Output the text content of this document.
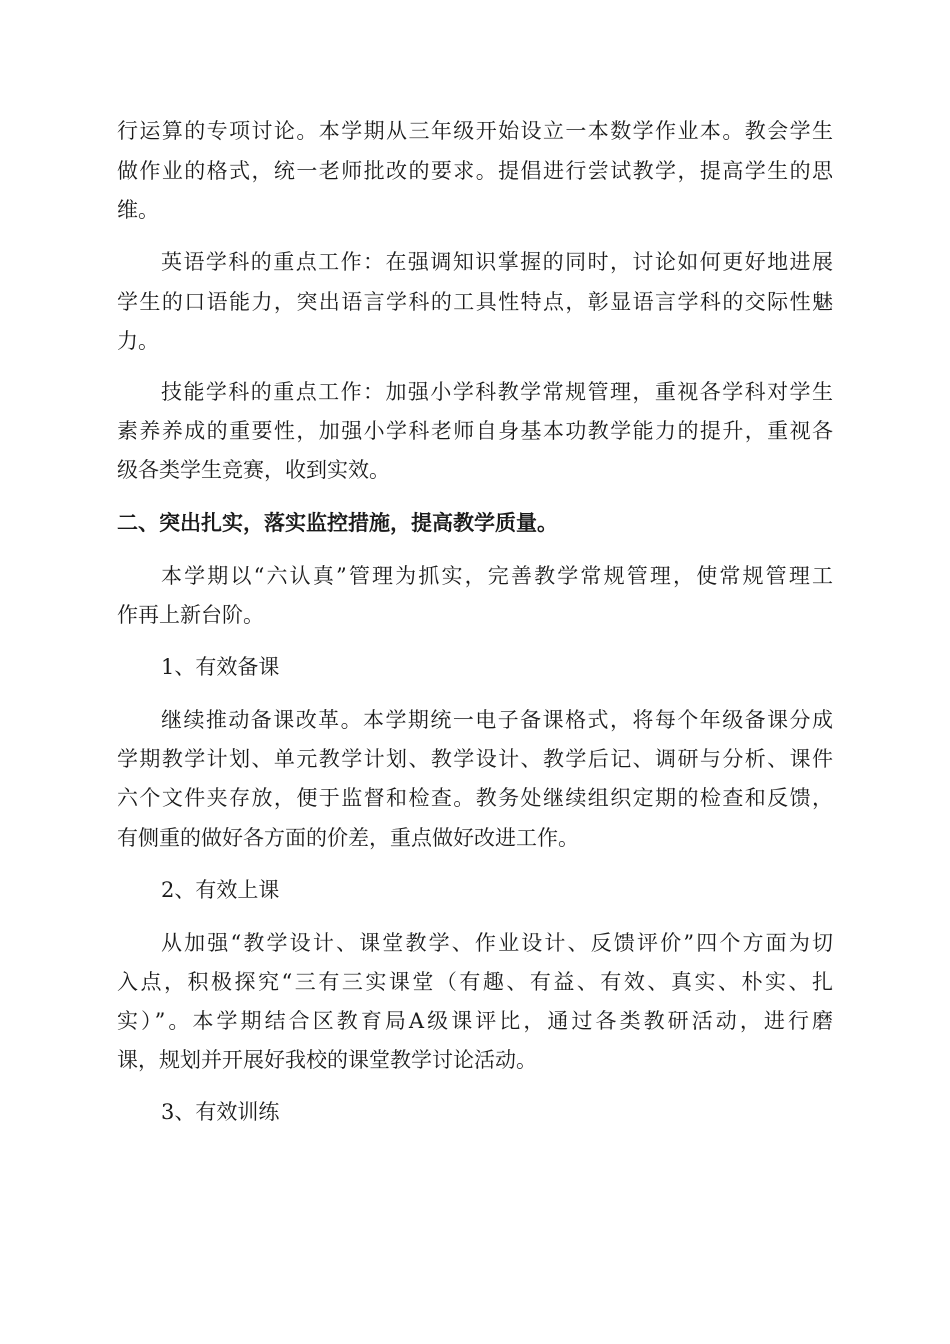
行运算的专项讨论。本学期从三年级开始设立一本数学作业本。教会学生
做作业的格式，统一老师批改的要求。提倡进行尝试教学，提高学生的思
维。
英语学科的重点工作：在强调知识掌握的同时，讨论如何更好地进展
学生的口语能力，突出语言学科的工具性特点，彰显语言学科的交际性魅
力。
技能学科的重点工作：加强小学科教学常规管理，重视各学科对学生
素养养成的重要性，加强小学科老师自身基本功教学能力的提升，重视各
级各类学生竞赛，收到实效。
二、突出扎实，落实监控措施，提高教学质量。
本学期以“六认真”管理为抓实，完善教学常规管理，使常规管理工
作再上新台阶。
1、有效备课
继续推动备课改革。本学期统一电子备课格式，将每个年级备课分成
学期教学计划、单元教学计划、教学设计、教学后记、调研与分析、课件
六个文件夹存放，便于监督和检查。教务处继续组织定期的检查和反馈，
有侧重的做好各方面的价差，重点做好改进工作。
2、有效上课
从加强“教学设计、课堂教学、作业设计、反馈评价”四个方面为切
入点，积极探究“三有三实课堂（有趣、有益、有效、真实、朴实、扎
实）”。本学期结合区教育局A级课评比，通过各类教研活动，进行磨
课，规划并开展好我校的课堂教学讨论活动。
3、有效训练
